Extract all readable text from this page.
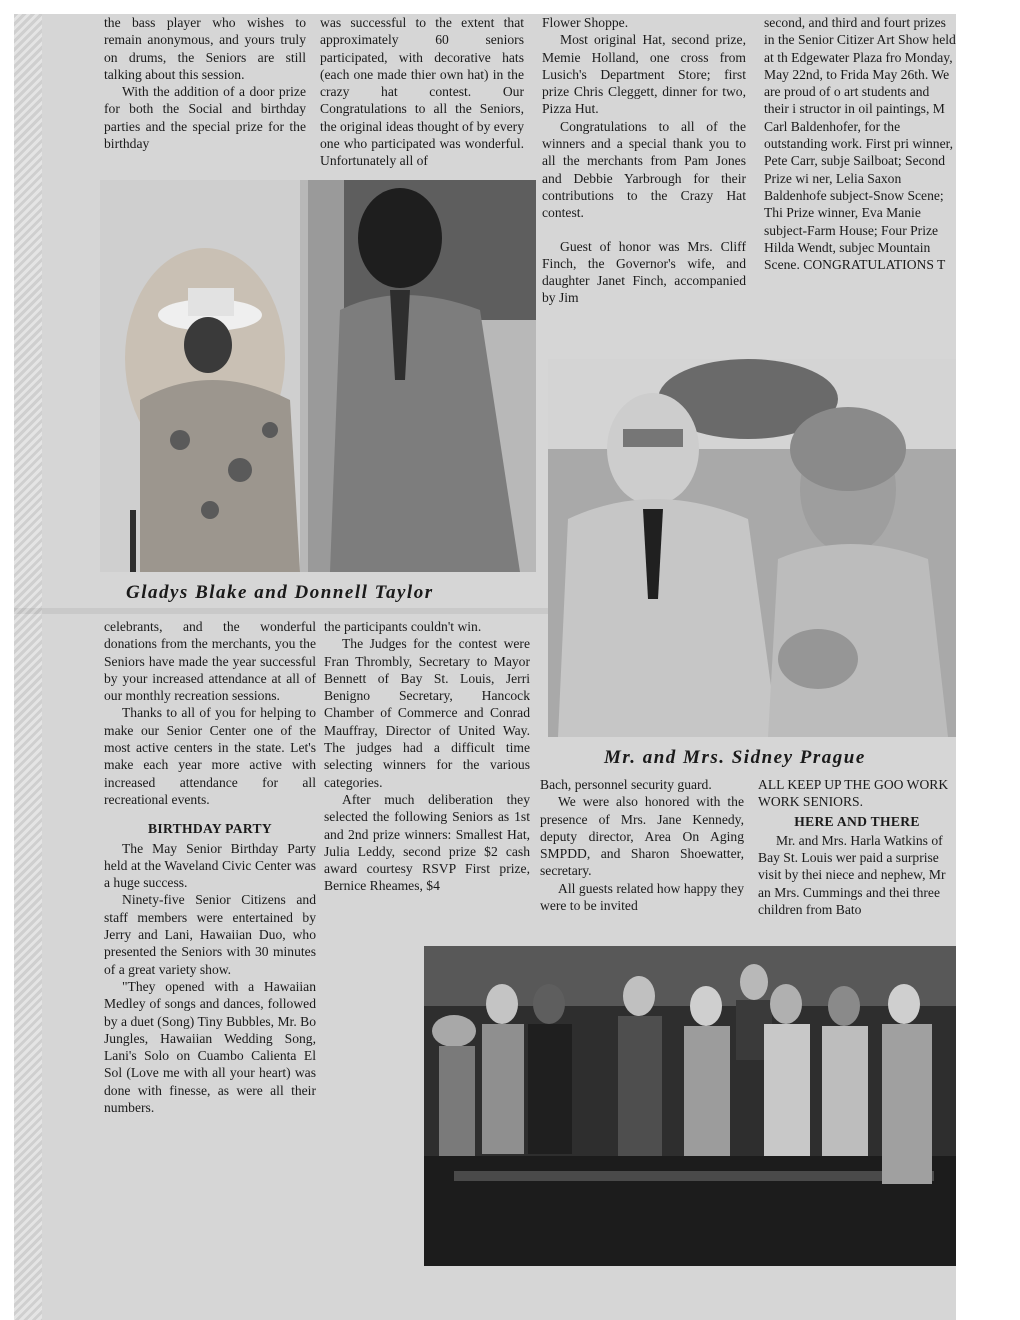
the bass player who wishes to remain anonymous, and yours truly on drums, the Seniors are still talking about this session.

With the addition of a door prize for both the Social and birthday parties and the special prize for the birthday

was successful to the extent that approximately 60 seniors participated, with decorative hats (each one made thier own hat) in the crazy hat contest. Our Congratulations to all the Seniors, the original ideas thought of by every one who participated was wonderful. Unfortunately all of

Flower Shoppe.

Most original Hat, second prize, Memie Holland, one cross from Lusich's Department Store; first prize Chris Cleggett, dinner for two, Pizza Hut.

Congratulations to all of the winners and a special thank you to all the merchants from Pam Jones and Debbie Yarbrough for their contributions to the Crazy Hat contest.

Guest of honor was Mrs. Cliff Finch, the Governor's wife, and daughter Janet Finch, accompanied by Jim

second, and third and fourt prizes in the Senior Citizer Art Show held at th Edgewater Plaza fro Monday, May 22nd, to Frida May 26th. We are proud of o art students and their i structor in oil paintings, M Carl Baldenhofer, for the outstanding work. First pri winner, Pete Carr, subje Sailboat; Second Prize wi ner, Lelia Saxon Baldenhofe subject-Snow Scene; Thi Prize winner, Eva Manie subject-Farm House; Four Prize Hilda Wendt, subjec Mountain Scene. CONGRATULATIONS T

Gladys Blake and Donnell Taylor
Mr. and Mrs. Sidney Prague

celebrants, and the wonderful donations from the merchants, you the Seniors have made the year successful by your increased attendance at all of our monthly recreation sessions.

Thanks to all of you for helping to make our Senior Center one of the most active centers in the state. Let's make each year more active with increased attendance for all recreational events.

BIRTHDAY PARTY

The May Senior Birthday Party held at the Waveland Civic Center was a huge success.

Ninety-five Senior Citizens and staff members were entertained by Jerry and Lani, Hawaiian Duo, who presented the Seniors with 30 minutes of a great variety show.

"They opened with a Hawaiian Medley of songs and dances, followed by a duet (Song) Tiny Bubbles, Mr. Bo Jungles, Hawaiian Wedding Song, Lani's Solo on Cuambo Calienta El Sol (Love me with all your heart) was done with finesse, as were all their numbers.

the participants couldn't win.

The Judges for the contest were Fran Thrombly, Secretary to Mayor Bennett of Bay St. Louis, Jerri Benigno Secretary, Hancock Chamber of Commerce and Conrad Mauffray, Director of United Way. The judges had a difficult time selecting winners for the various categories.

After much deliberation they selected the following Seniors as 1st and 2nd prize winners: Smallest Hat, Julia Leddy, second prize $2 cash award courtesy RSVP First prize, Bernice Rheames, $4

Bach, personnel security guard.

We were also honored with the presence of Mrs. Jane Kennedy, deputy director, Area On Aging SMPDD, and Sharon Shoewatter, secretary.

All guests related how happy they were to be invited

ALL KEEP UP THE GOO WORK WORK SENIORS.

HERE AND THERE

Mr. and Mrs. Harla Watkins of Bay St. Louis wer paid a surprise visit by thei niece and nephew, Mr an Mrs. Cummings and thei three children from Bato
